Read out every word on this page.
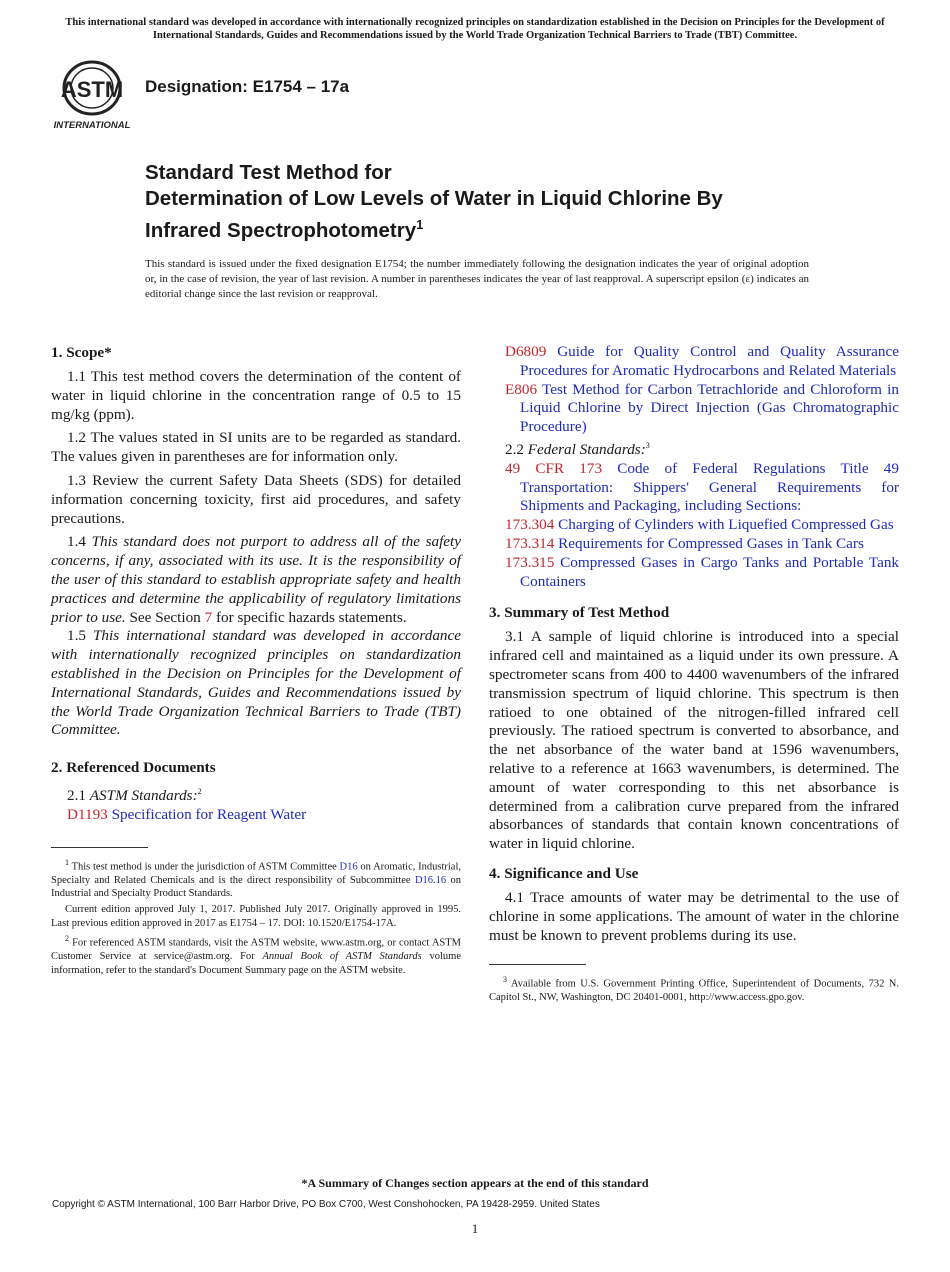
This international standard was developed in accordance with internationally recognized principles on standardization established in the Decision on Principles for the Development of International Standards, Guides and Recommendations issued by the World Trade Organization Technical Barriers to Trade (TBT) Committee.
ASTM
INTERNATIONAL
Designation: E1754 – 17a
Standard Test Method for
Determination of Low Levels of Water in Liquid Chlorine By
Infrared Spectrophotometry$^1$
This standard is issued under the fixed designation E1754; the number immediately following the designation indicates the year of original adoption or, in the case of revision, the year of last revision. A number in parentheses indicates the year of last reapproval. A superscript epsilon (ε) indicates an editorial change since the last revision or reapproval.
1. Scope*

1.1 This test method covers the determination of the content of water in liquid chlorine in the concentration range of 0.5 to 15 mg/kg (ppm).

1.2 The values stated in SI units are to be regarded as standard. The values given in parentheses are for information only.

1.3 Review the current Safety Data Sheets (SDS) for detailed information concerning toxicity, first aid procedures, and safety precautions.

1.4 This standard does not purport to address all of the safety concerns, if any, associated with its use. It is the responsibility of the user of this standard to establish appropriate safety and health practices and determine the applicability of regulatory limitations prior to use. See Section 7 for specific hazards statements.

1.5 This international standard was developed in accordance with internationally recognized principles on standardization established in the Decision on Principles for the Development of International Standards, Guides and Recommendations issued by the World Trade Organization Technical Barriers to Trade (TBT) Committee.

2. Referenced Documents

2.1 ASTM Standards:$^2$

D1193 Specification for Reagent Water

$^1$ This test method is under the jurisdiction of ASTM Committee D16 on Aromatic, Industrial, Specialty and Related Chemicals and is the direct responsibility of Subcommittee D16.16 on Industrial and Specialty Product Standards.

Current edition approved July 1, 2017. Published July 2017. Originally approved in 1995. Last previous edition approved in 2017 as E1754 – 17. DOI: 10.1520/E1754-17A.

$^2$ For referenced ASTM standards, visit the ASTM website, www.astm.org, or contact ASTM Customer Service at service@astm.org. For Annual Book of ASTM Standards volume information, refer to the standard's Document Summary page on the ASTM website.

D6809 Guide for Quality Control and Quality Assurance Procedures for Aromatic Hydrocarbons and Related Materials

E806 Test Method for Carbon Tetrachloride and Chloroform in Liquid Chlorine by Direct Injection (Gas Chromatographic Procedure)

2.2 Federal Standards:$^3$

49 CFR 173 Code of Federal Regulations Title 49 Transportation: Shippers' General Requirements for Shipments and Packaging, including Sections:

173.304 Charging of Cylinders with Liquefied Compressed Gas

173.314 Requirements for Compressed Gases in Tank Cars

173.315 Compressed Gases in Cargo Tanks and Portable Tank Containers

3. Summary of Test Method

3.1 A sample of liquid chlorine is introduced into a special infrared cell and maintained as a liquid under its own pressure. A spectrometer scans from 400 to 4400 wavenumbers of the infrared transmission spectrum of liquid chlorine. This spectrum is then ratioed to one obtained of the nitrogen-filled infrared cell previously. The ratioed spectrum is converted to absorbance, and the net absorbance of the water band at 1596 wavenumbers, relative to a reference at 1663 wavenumbers, is determined. The amount of water corresponding to this net absorbance is determined from a calibration curve prepared from the infrared absorbances of standards that contain known concentrations of water in liquid chlorine.

4. Significance and Use

4.1 Trace amounts of water may be detrimental to the use of chlorine in some applications. The amount of water in the chlorine must be known to prevent problems during its use.

$^3$ Available from U.S. Government Printing Office, Superintendent of Documents, 732 N. Capitol St., NW, Washington, DC 20401-0001, http://www.access.gpo.gov.

*A Summary of Changes section appears at the end of this standard
Copyright © ASTM International, 100 Barr Harbor Drive, PO Box C700, West Conshohocken, PA 19428-2959. United States
1
